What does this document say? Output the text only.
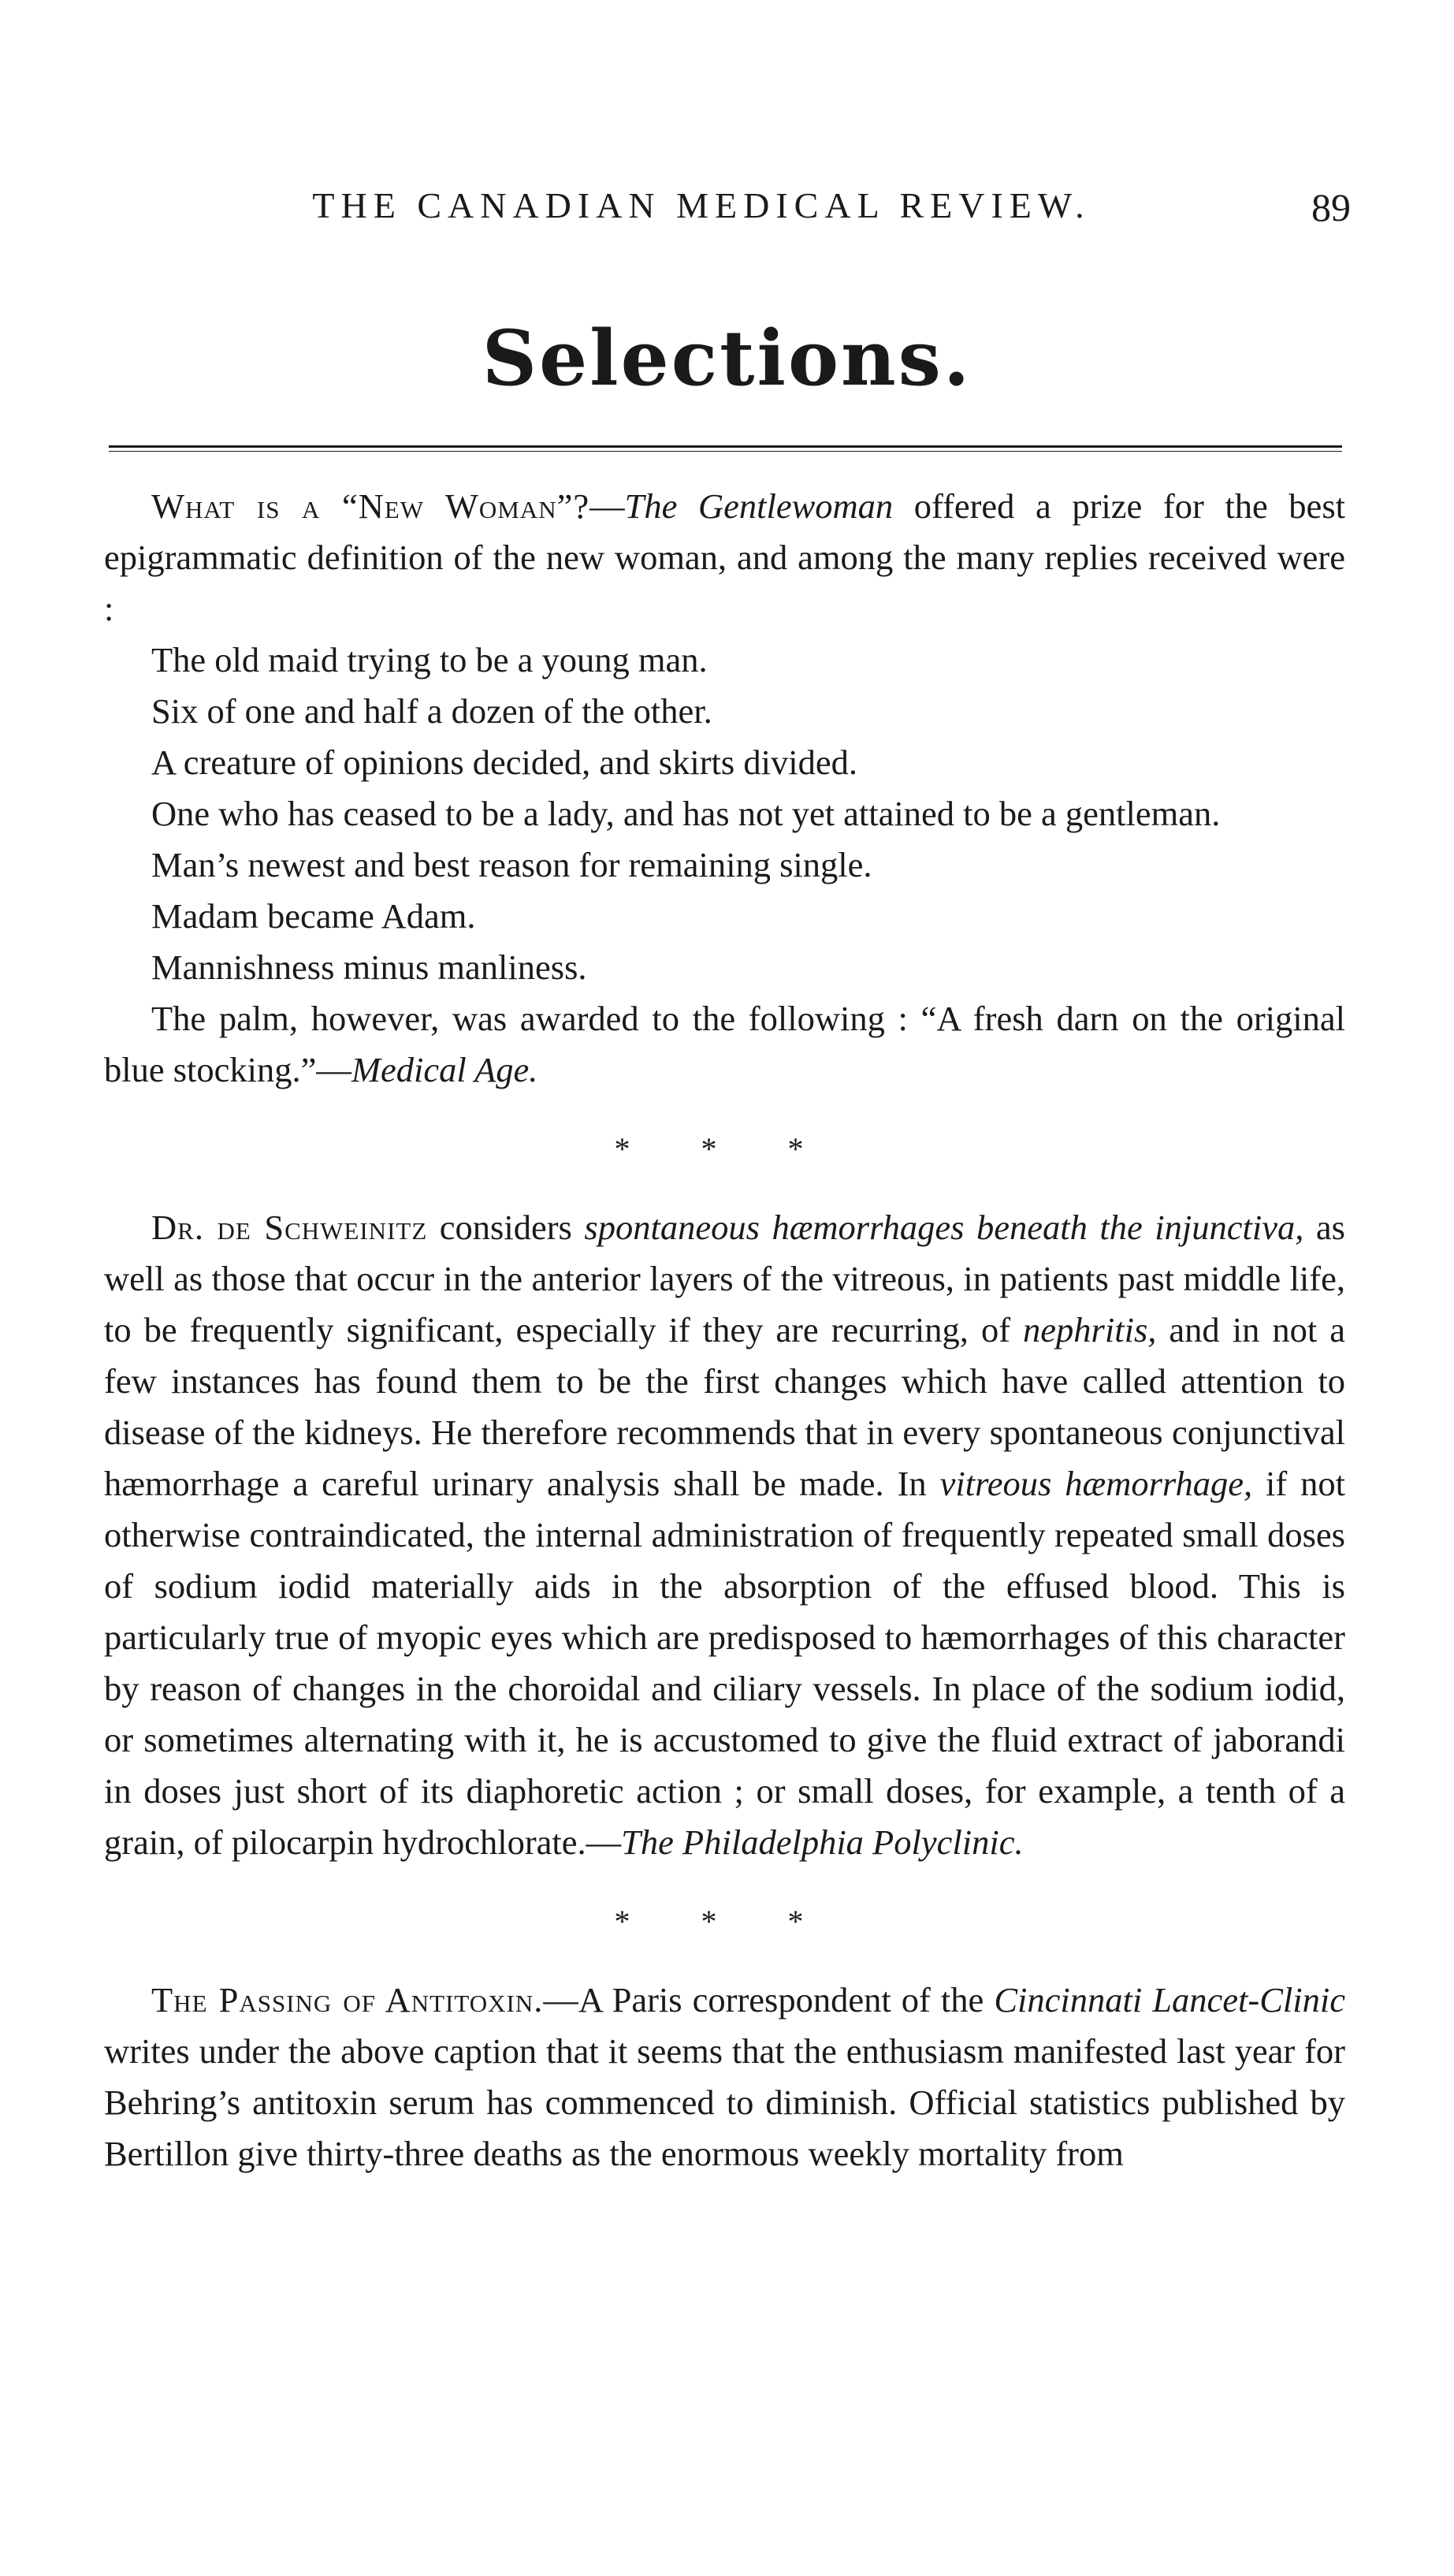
THE CANADIAN MEDICAL REVIEW.	89
Selections.

What is a “New Woman”?—The Gentlewoman offered a prize for the best epigrammatic definition of the new woman, and among the many replies received were :

The old maid trying to be a young man.

Six of one and half a dozen of the other.

A creature of opinions decided, and skirts divided.

One who has ceased to be a lady, and has not yet attained to be a gentleman.

Man’s newest and best reason for remaining single.

Madam became Adam.

Mannishness minus manliness.

The palm, however, was awarded to the following : “A fresh darn on the original blue stocking.”—Medical Age.

* * *

Dr. de Schweinitz considers spontaneous hæmorrhages beneath the injunctiva, as well as those that occur in the anterior layers of the vitreous, in patients past middle life, to be frequently significant, especially if they are recurring, of nephritis, and in not a few instances has found them to be the first changes which have called attention to disease of the kidneys. He therefore recommends that in every spontaneous conjunctival hæmorrhage a careful urinary analysis shall be made. In vitreous hæmorrhage, if not otherwise contraindicated, the internal administration of frequently repeated small doses of sodium iodid materially aids in the absorption of the effused blood. This is particularly true of myopic eyes which are predisposed to hæmorrhages of this character by reason of changes in the choroidal and ciliary vessels. In place of the sodium iodid, or sometimes alternating with it, he is accustomed to give the fluid extract of jaborandi in doses just short of its diaphoretic action ; or small doses, for example, a tenth of a grain, of pilocarpin hydrochlorate.—The Philadelphia Polyclinic.

* * *

The Passing of Antitoxin.—A Paris correspondent of the Cincinnati Lancet-Clinic writes under the above caption that it seems that the enthusiasm manifested last year for Behring’s antitoxin serum has commenced to diminish. Official statistics published by Bertillon give thirty-three deaths as the enormous weekly mortality from
